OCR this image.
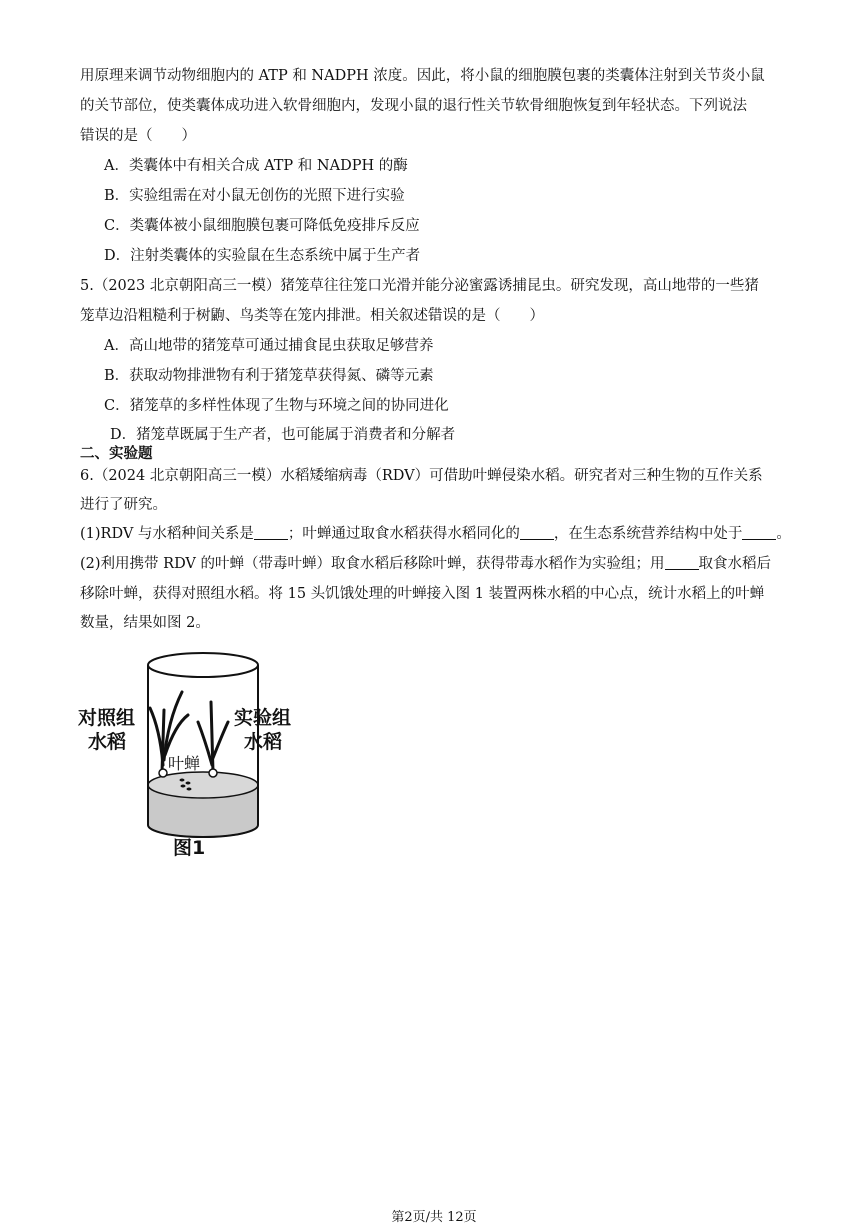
用原理来调节动物细胞内的 ATP 和 NADPH 浓度。因此，将小鼠的细胞膜包裹的类囊体注射到关节炎小鼠
的关节部位，使类囊体成功进入软骨细胞内，发现小鼠的退行性关节软骨细胞恢复到年轻状态。下列说法
错误的是（　　）
A．类囊体中有相关合成 ATP 和 NADPH 的酶
B．实验组需在对小鼠无创伤的光照下进行实验
C．类囊体被小鼠细胞膜包裹可降低免疫排斥反应
D．注射类囊体的实验鼠在生态系统中属于生产者
5.（2023 北京朝阳高三一模）猪笼草往往笼口光滑并能分泌蜜露诱捕昆虫。研究发现，高山地带的一些猪
笼草边沿粗糙利于树鼩、鸟类等在笼内排泄。相关叙述错误 · ·的是（　　）
A．高山地带的猪笼草可通过捕食昆虫获取足够营养
B．获取动物排泄物有利于猪笼草获得氮、磷等元素
C．猪笼草的多样性体现了生物与环境之间的协同进化
D．猪笼草既属于生产者，也可能属于消费者和分解者
二、实验题
6.（2024 北京朝阳高三一模）水稻矮缩病毒（RDV）可借助叶蝉侵染水稻。研究者对三种生物的互作关系
进行了研究。
(1)RDV 与水稻种间关系是 ；叶蝉通过取食水稻获得水稻同化的 ，在生态系统营养结构中处于 。
(2)利用携带 RDV 的叶蝉（带毒叶蝉）取食水稻后移除叶蝉，获得带毒水稻作为实验组；用 取食水稻后
移除叶蝉，获得对照组水稻。将 15 头饥饿处理的叶蝉接入图 1 装置两株水稻的中心点，统计水稻上的叶蝉
数量，结果如图 2。
对照组
水稻
实验组
水稻
叶蝉
图1
第2页/共 12页
